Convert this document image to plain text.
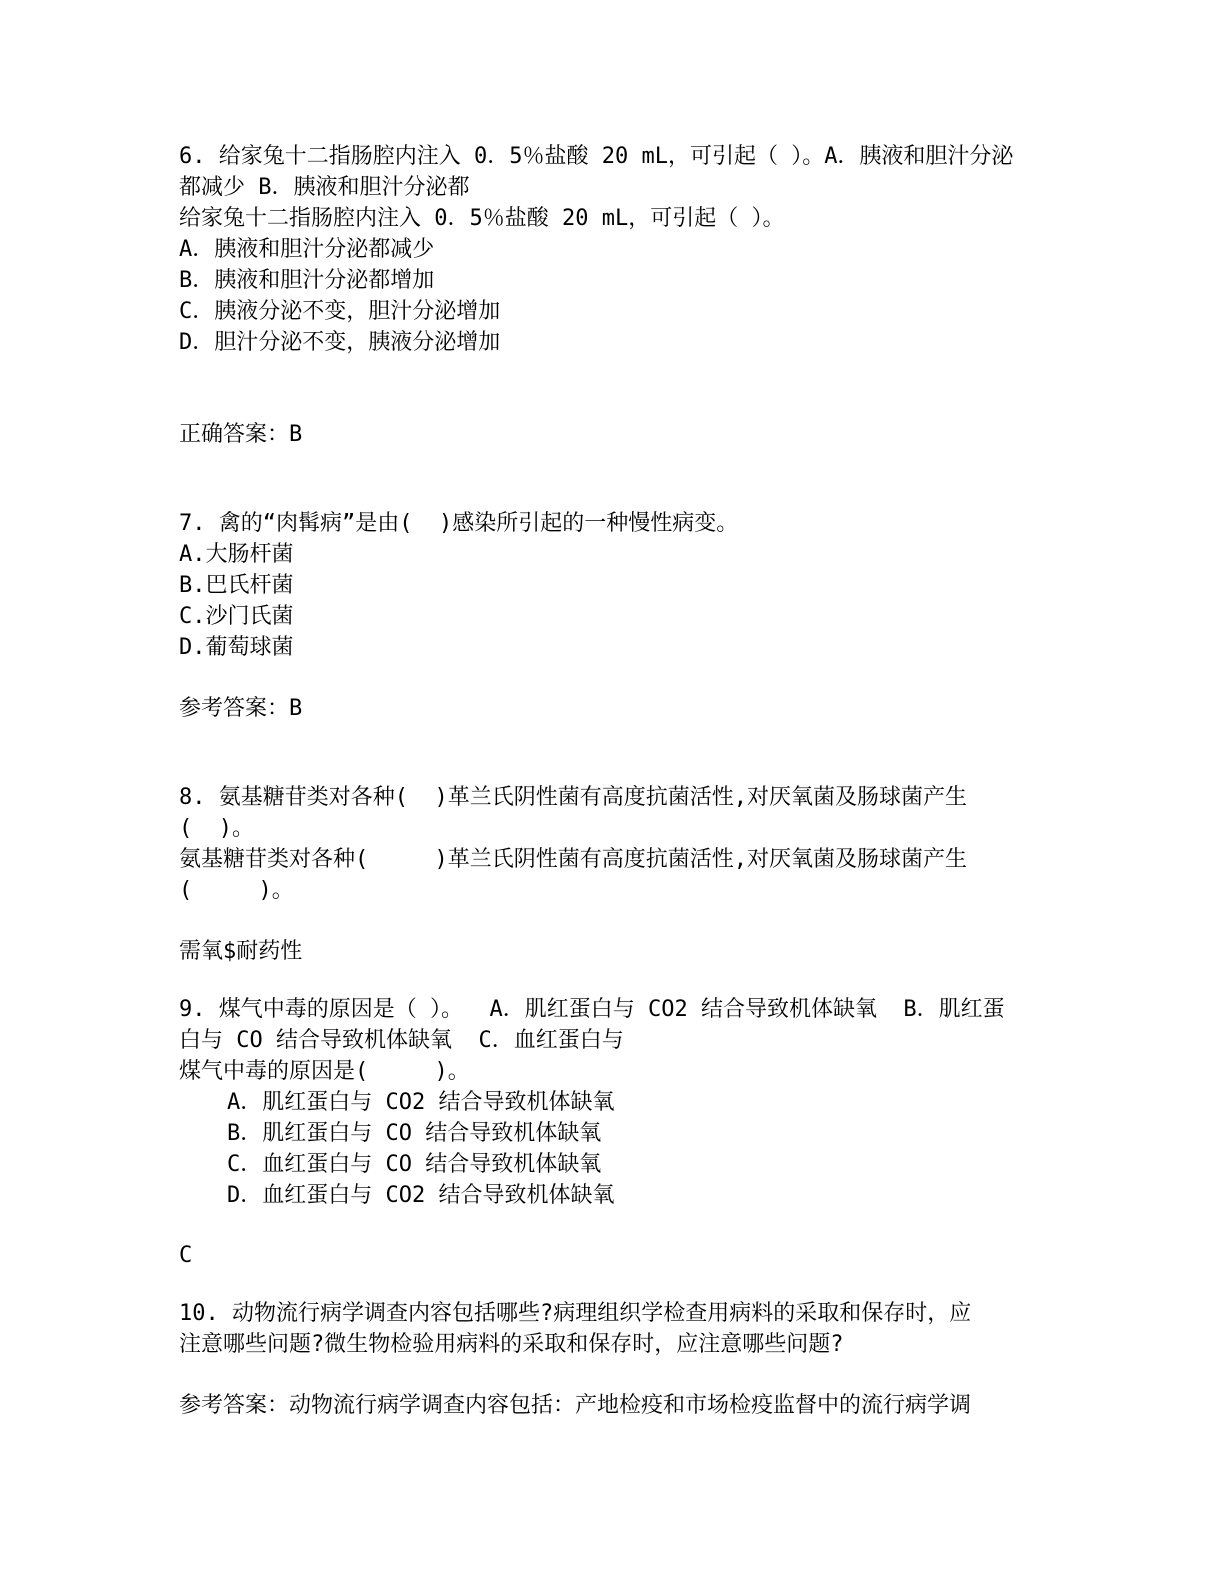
6. 给家兔十二指肠腔内注入 0．5％盐酸 20 mL，可引起（ ）。A．胰液和胆汁分泌
都减少 B．胰液和胆汁分泌都
给家兔十二指肠腔内注入 0．5％盐酸 20 mL，可引起（ ）。
A．胰液和胆汁分泌都减少
B．胰液和胆汁分泌都增加
C．胰液分泌不变，胆汁分泌增加
D．胆汁分泌不变，胰液分泌增加
正确答案：B
7. 禽的“肉髯病”是由(  )感染所引起的一种慢性病变。
A.大肠杆菌
B.巴氏杆菌
C.沙门氏菌
D.葡萄球菌
参考答案：B
8. 氨基糖苷类对各种(  )革兰氏阴性菌有高度抗菌活性,对厌氧菌及肠球菌产生
(  )。
氨基糖苷类对各种(     )革兰氏阴性菌有高度抗菌活性,对厌氧菌及肠球菌产生
(     )。
需氧$耐药性
9. 煤气中毒的原因是（ ）。  A．肌红蛋白与 CO2 结合导致机体缺氧  B．肌红蛋
白与 CO 结合导致机体缺氧  C．血红蛋白与
煤气中毒的原因是(     )。
A．肌红蛋白与 CO2 结合导致机体缺氧
B．肌红蛋白与 CO 结合导致机体缺氧
C．血红蛋白与 CO 结合导致机体缺氧
D．血红蛋白与 CO2 结合导致机体缺氧
C
10. 动物流行病学调查内容包括哪些?病理组织学检查用病料的采取和保存时，应
注意哪些问题?微生物检验用病料的采取和保存时，应注意哪些问题?
参考答案：动物流行病学调查内容包括：产地检疫和市场检疫监督中的流行病学调
